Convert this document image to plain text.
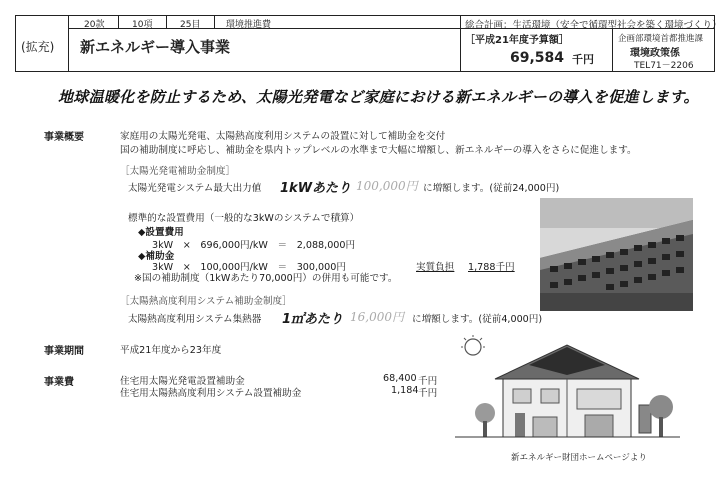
20款	10項	25目	環境推進費	総合計画：生活環境（安全で循環型社会を築く環境づくり）
(拡充) 新エネルギー導入事業	［平成21年度予算額］
69,584 千円
企画部環境首都推進課
環境政策係
TEL71－2206
地球温暖化を防止するため、太陽光発電など家庭における新エネルギーの導入を促進します。
事業概要	家庭用の太陽光発電、太陽熱高度利用システムの設置に対して補助金を交付
国の補助制度に呼応し、補助金を県内トップレベルの水準まで大幅に増額し、新エネルギーの導入をさらに促進します。
［太陽光発電補助金制度］
太陽光発電システム最大出力値 1kWあたり 100,000円 に増額します。(従前24,000円)
標準的な設置費用（一般的な3kWのシステムで積算）
◆設置費用
3kW　×　696,000円/kW　＝　2,088,000円
◆補助金
3kW　×　100,000円/kW　＝　300,000円	実質負担 1,788千円
※国の補助制度（1kWあたり70,000円）の併用も可能です。
［太陽熱高度利用システム補助金制度］
太陽熱高度利用システム集熱器 1㎡あたり 16,000円 に増額します。(従前4,000円)
事業期間	平成21年度から23年度
事業費	住宅用太陽光発電設置補助金	68,400 千円
住宅用太陽熱高度利用システム設置補助金	1,184 千円
新エネルギー財団ホームページより
